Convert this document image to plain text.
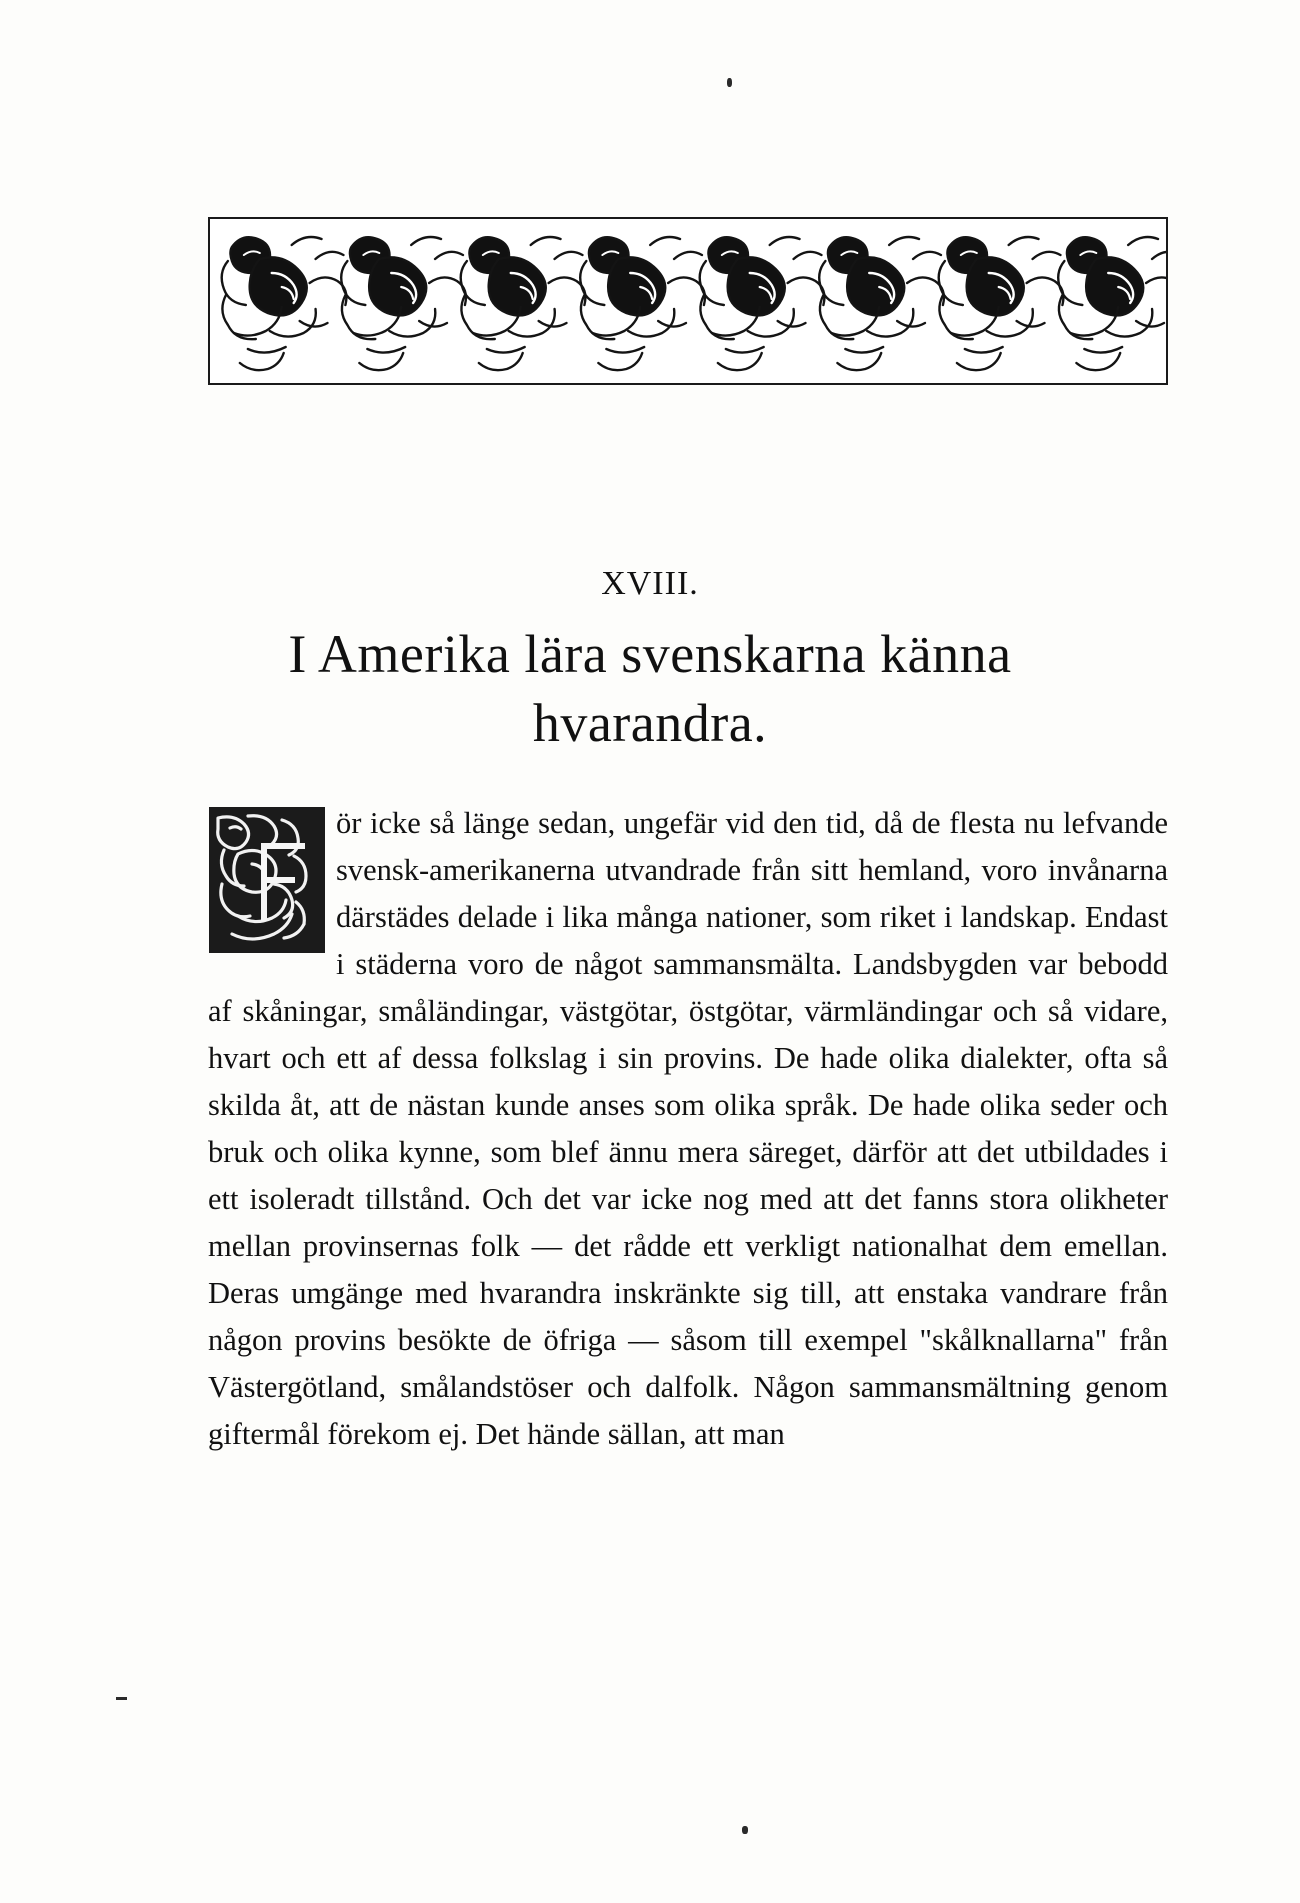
XVIII.
I Amerika lära svenskarna känna
hvarandra.

ör icke så länge sedan, ungefär vid den tid, då de flesta nu lefvande svensk-amerikanerna utvandrade från sitt hemland, voro invånarna därstädes delade i lika många nationer, som riket i landskap. Endast i städerna voro de något sammansmälta. Landsbygden var bebodd af skåningar, småländingar, västgötar, östgötar, värmländingar och så vidare, hvart och ett af dessa folkslag i sin provins. De hade olika dialekter, ofta så skilda åt, att de nästan kunde anses som olika språk. De hade olika seder och bruk och olika kynne, som blef ännu mera säreget, därför att det utbildades i ett isoleradt tillstånd. Och det var icke nog med att det fanns stora olikheter mellan provinsernas folk — det rådde ett verkligt nationalhat dem emellan. Deras umgänge med hvarandra inskränkte sig till, att enstaka vandrare från någon provins besökte de öfriga — såsom till exempel "skålknallarna" från Västergötland, smålandstöser och dalfolk. Någon sammansmältning genom giftermål förekom ej. Det hände sällan, att man
